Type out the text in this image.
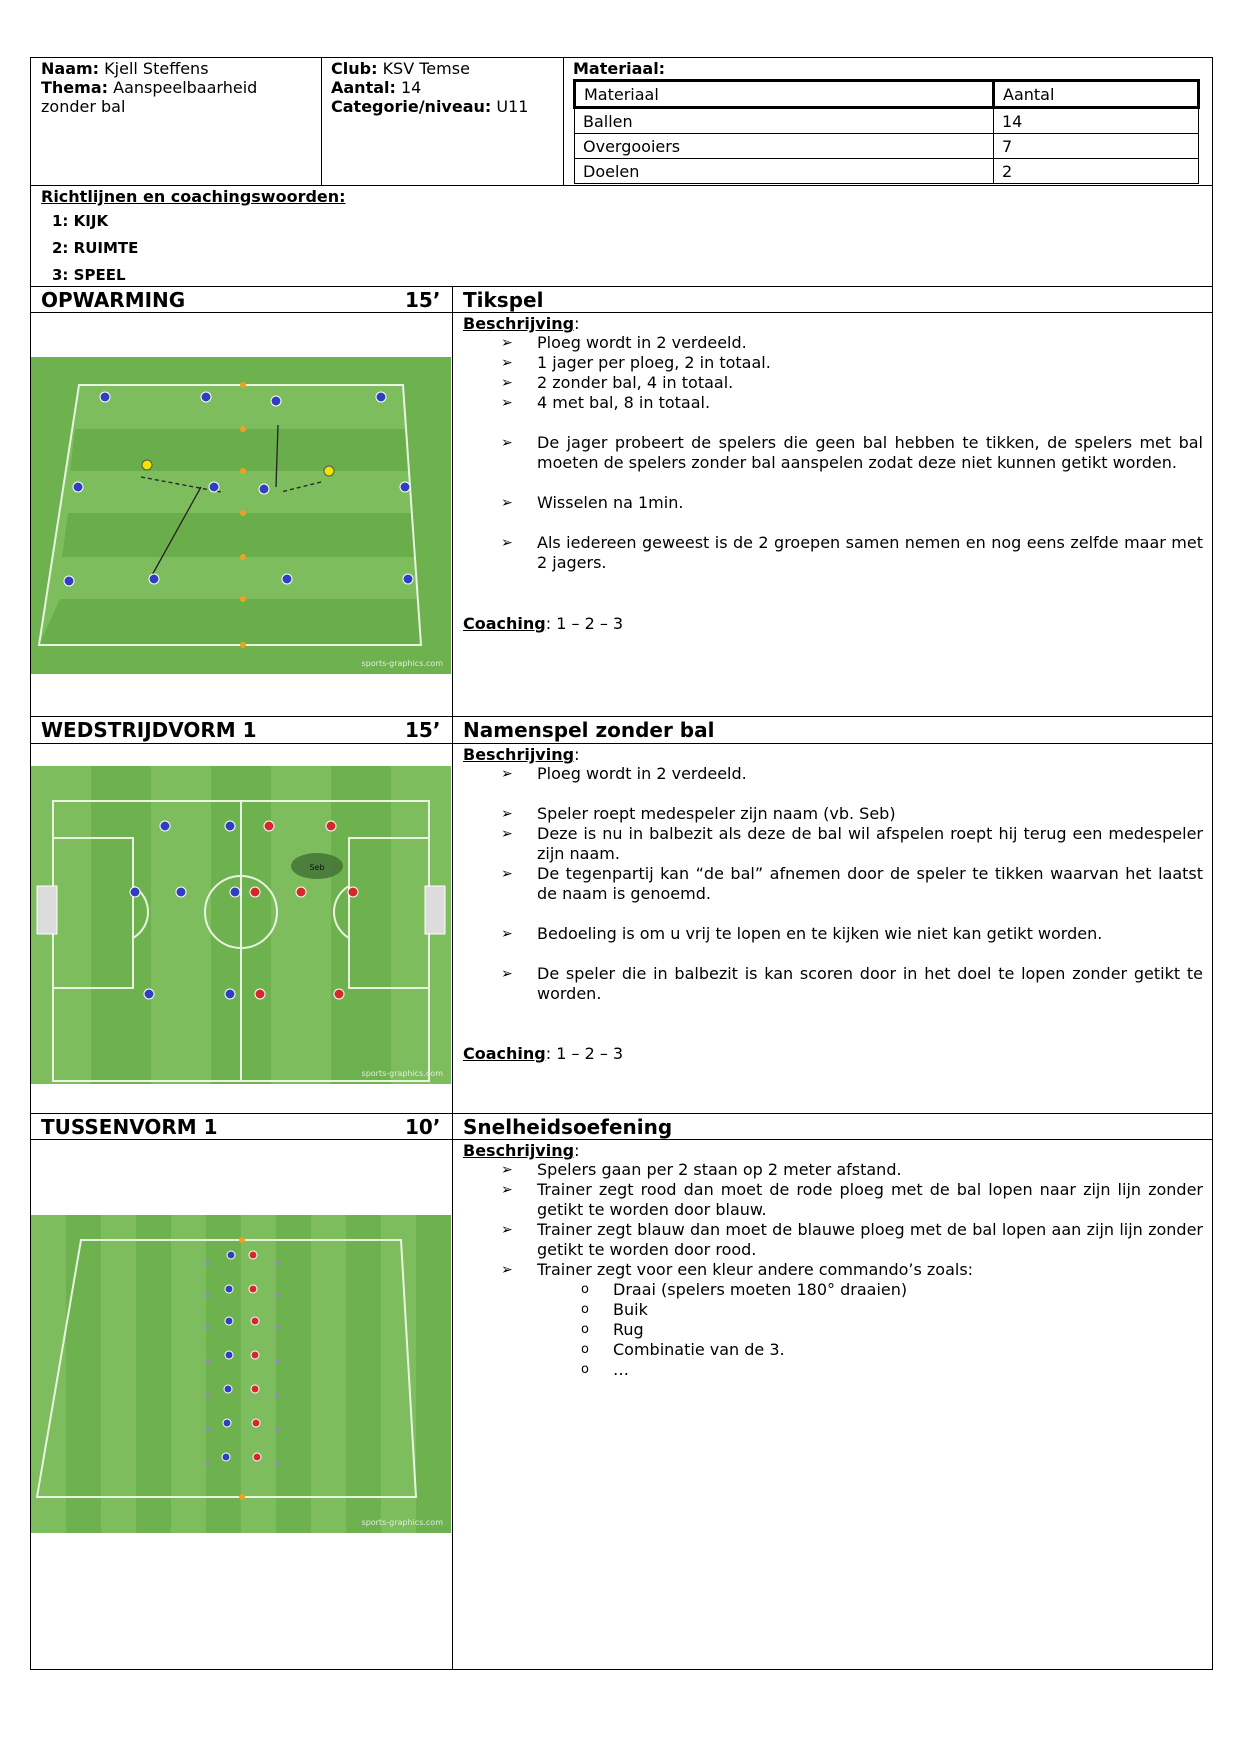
Naam: Kjell Steffens
Thema: Aanspeelbaarheid zonder bal
Club: KSV Temse
Aantal: 14
Categorie/niveau: U11
Materiaal:
Materiaal	Aantal
Ballen	14
Overgooiers	7
Doelen	2
Richtlijnen en coachingswoorden:
1: KIJK
2: RUIMTE
3: SPEEL
OPWARMING	15’ Tikspel
sports-graphics.com
Beschrijving:
➢ Ploeg wordt in 2 verdeeld.
➢ 1 jager per ploeg, 2 in totaal.
➢ 2 zonder bal, 4 in totaal.
➢ 4 met bal, 8 in totaal.
➢ De jager probeert de spelers die geen bal hebben te tikken, de spelers met bal moeten de spelers zonder bal aanspelen zodat deze niet kunnen getikt worden.
➢ Wisselen na 1min.
➢ Als iedereen geweest is de 2 groepen samen nemen en nog eens zelfde maar met 2 jagers.
Coaching: 1 – 2 – 3
WEDSTRIJDVORM 1	15’ Namenspel zonder bal
Seb
sports-graphics.com
Beschrijving:
➢ Ploeg wordt in 2 verdeeld.
➢ Speler roept medespeler zijn naam (vb. Seb)
➢ Deze is nu in balbezit als deze de bal wil afspelen roept hij terug een medespeler zijn naam.
➢ De tegenpartij kan “de bal” afnemen door de speler te tikken waarvan het laatst de naam is genoemd.
➢ Bedoeling is om u vrij te lopen en te kijken wie niet kan getikt worden.
➢ De speler die in balbezit is kan scoren door in het doel te lopen zonder getikt te worden.
Coaching: 1 – 2 – 3
TUSSENVORM 1	10’ Snelheidsoefening
sports-graphics.com
Beschrijving:
➢ Spelers gaan per 2 staan op 2 meter afstand.
➢ Trainer zegt rood dan moet de rode ploeg met de bal lopen naar zijn lijn zonder getikt te worden door blauw.
➢ Trainer zegt blauw dan moet de blauwe ploeg met de bal lopen aan zijn lijn zonder getikt te worden door rood.
➢ Trainer zegt voor een kleur andere commando’s zoals:
o Draai (spelers moeten 180° draaien)
o Buik
o Rug
o Combinatie van de 3.
o …
